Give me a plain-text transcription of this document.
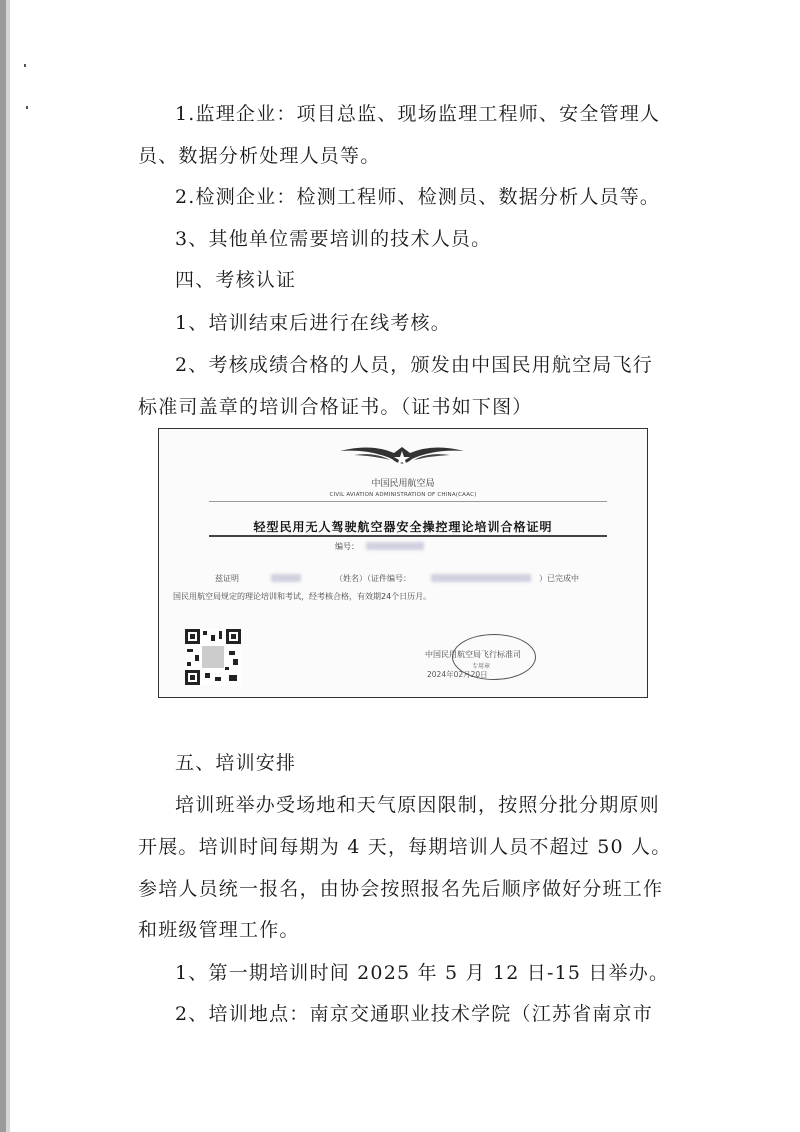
1.监理企业：项目总监、现场监理工程师、安全管理人
员、数据分析处理人员等。
2.检测企业：检测工程师、检测员、数据分析人员等。
3、其他单位需要培训的技术人员。
四、考核认证
1、培训结束后进行在线考核。
2、考核成绩合格的人员，颁发由中国民用航空局飞行
标准司盖章的培训合格证书。（证书如下图）
中国民用航空局
CIVIL AVIATION ADMINISTRATION OF CHINA(CAAC)
轻型民用无人驾驶航空器安全操控理论培训合格证明
编号：
兹证明	（姓名）（证件编号：	）已完成中
国民用航空局规定的理论培训和考试，经考核合格，有效期24个日历月。
中国民用航空局飞行标准司
专用章
2024年02月20日
五、培训安排
培训班举办受场地和天气原因限制，按照分批分期原则
开展。培训时间每期为 4 天，每期培训人员不超过 50 人。
参培人员统一报名，由协会按照报名先后顺序做好分班工作
和班级管理工作。
1、第一期培训时间 2025 年 5 月 12 日-15 日举办。
2、培训地点：南京交通职业技术学院（江苏省南京市
